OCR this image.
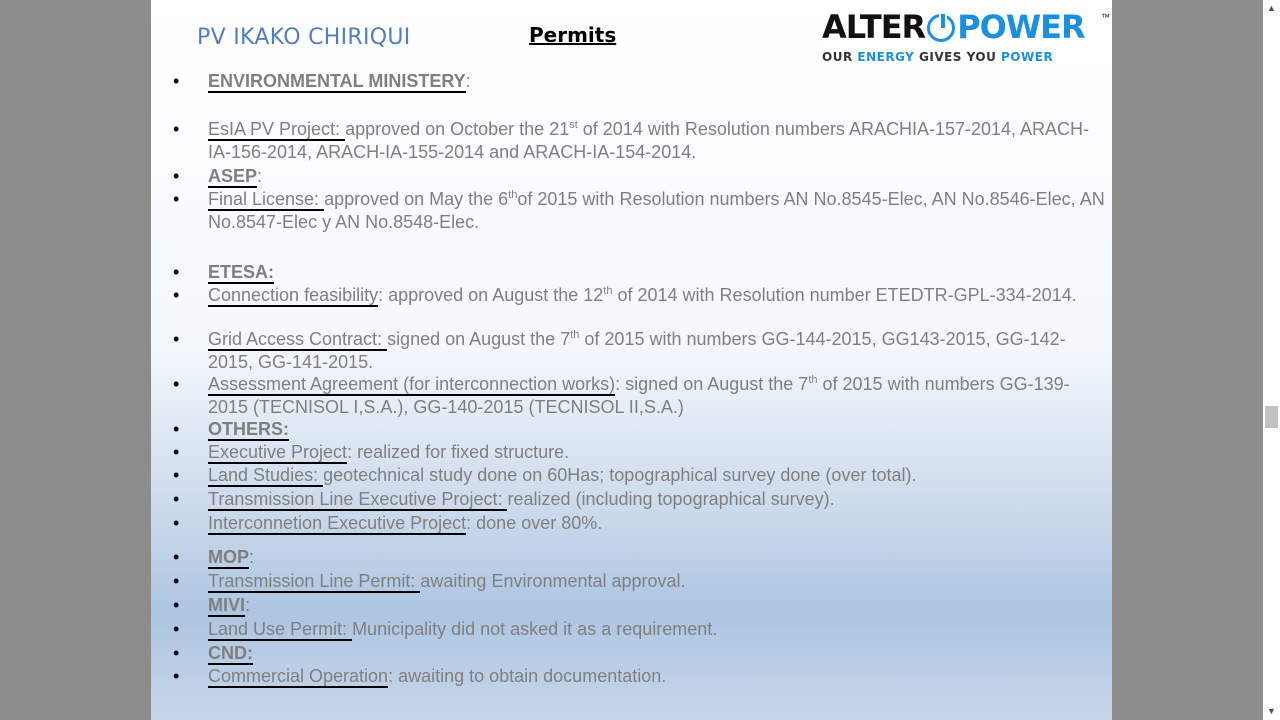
PV IKAKO CHIRIQUI	Permits	ALTER POWER ™
OUR ENERGY GIVES YOU POWER
• ENVIRONMENTAL MINISTERY:
• EsIA PV Project: approved on October the 21st of 2014 with Resolution numbers ARACHIA-157-2014, ARACH-IA-156-2014, ARACH-IA-155-2014 and ARACH-IA-154-2014.
• ASEP:
• Final License: approved on May the 6thof 2015 with Resolution numbers AN No.8545-Elec, AN No.8546-Elec, AN No.8547-Elec y AN No.8548-Elec.
• ETESA:
• Connection feasibility: approved on August the 12th of 2014 with Resolution number ETEDTR-GPL-334-2014.
• Grid Access Contract: signed on August the 7th of 2015 with numbers GG-144-2015, GG143-2015, GG-142-2015, GG-141-2015.
• Assessment Agreement (for interconnection works): signed on August the 7th of 2015 with numbers GG-139-2015 (TECNISOL I,S.A.), GG-140-2015 (TECNISOL II,S.A.)
• OTHERS:
• Executive Project: realized for fixed structure.
• Land Studies: geotechnical study done on 60Has; topographical survey done (over total).
• Transmission Line Executive Project: realized (including topographical survey).
• Interconnetion Executive Project: done over 80%.
• MOP:
• Transmission Line Permit: awaiting Environmental approval.
• MIVI:
• Land Use Permit: Municipality did not asked it as a requirement.
• CND:
• Commercial Operation: awaiting to obtain documentation.
▲
▼
